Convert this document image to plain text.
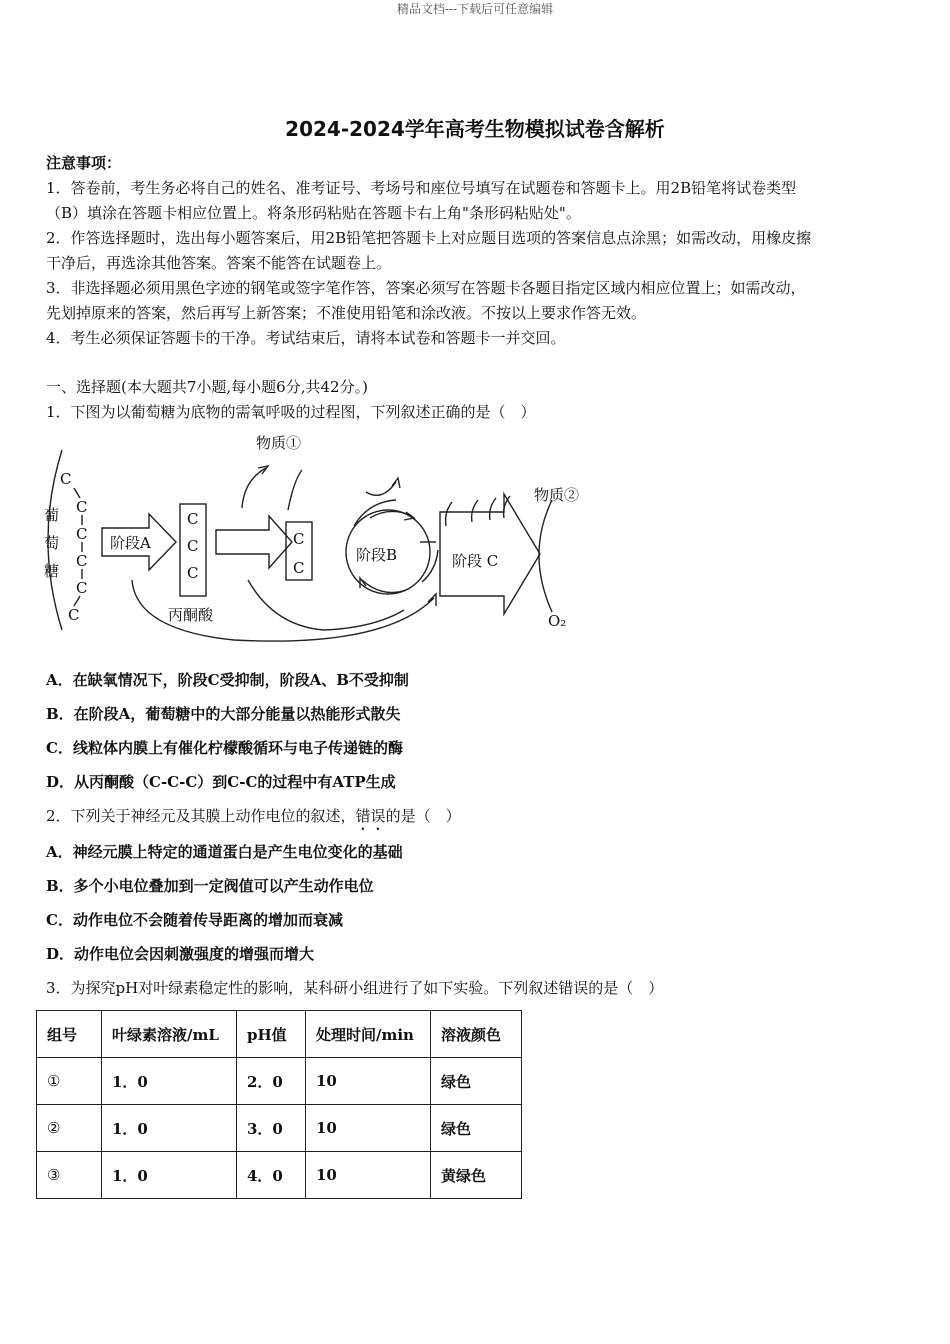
精品文档---下载后可任意编辑
2024-2024学年高考生物模拟试卷含解析
注意事项：
1．答卷前，考生务必将自己的姓名、准考证号、考场号和座位号填写在试题卷和答题卡上。用2B铅笔将试卷类型
（B）填涂在答题卡相应位置上。将条形码粘贴在答题卡右上角"条形码粘贴处"。
2．作答选择题时，选出每小题答案后，用2B铅笔把答题卡上对应题目选项的答案信息点涂黑；如需改动，用橡皮擦
干净后，再选涂其他答案。答案不能答在试题卷上。
3．非选择题必须用黑色字迹的钢笔或签字笔作答，答案必须写在答题卡各题目指定区域内相应位置上；如需改动，
先划掉原来的答案，然后再写上新答案；不准使用铅笔和涂改液。不按以上要求作答无效。
4．考生必须保证答题卡的干净。考试结束后，请将本试卷和答题卡一并交回。
一、选择题(本大题共7小题,每小题6分,共42分。)
1．下图为以葡萄糖为底物的需氧呼吸的过程图，下列叙述正确的是（　）
葡
萄
糖
C
C
C
C
C
C
阶段A
C
C
C
丙酮酸
C
C
物质①
阶段B	阶段 C
物质②
O₂
A．在缺氧情况下，阶段C受抑制，阶段A、B不受抑制
B．在阶段A，葡萄糖中的大部分能量以热能形式散失
C．线粒体内膜上有催化柠檬酸循环与电子传递链的酶
D．从丙酮酸（C-C-C）到C-C的过程中有ATP生成
2．下列关于神经元及其膜上动作电位的叙述，错误的是（　）
A．神经元膜上特定的通道蛋白是产生电位变化的基础
B．多个小电位叠加到一定阀值可以产生动作电位
C．动作电位不会随着传导距离的增加而衰减
D．动作电位会因刺激强度的增强而增大
3．为探究pH对叶绿素稳定性的影响，某科研小组进行了如下实验。下列叙述错误的是（　）
组号	叶绿素溶液/mL	pH值	处理时间/min	溶液颜色
①	1．0	2．0	10	绿色
②	1．0	3．0	10	绿色
③	1．0	4．0	10	黄绿色
